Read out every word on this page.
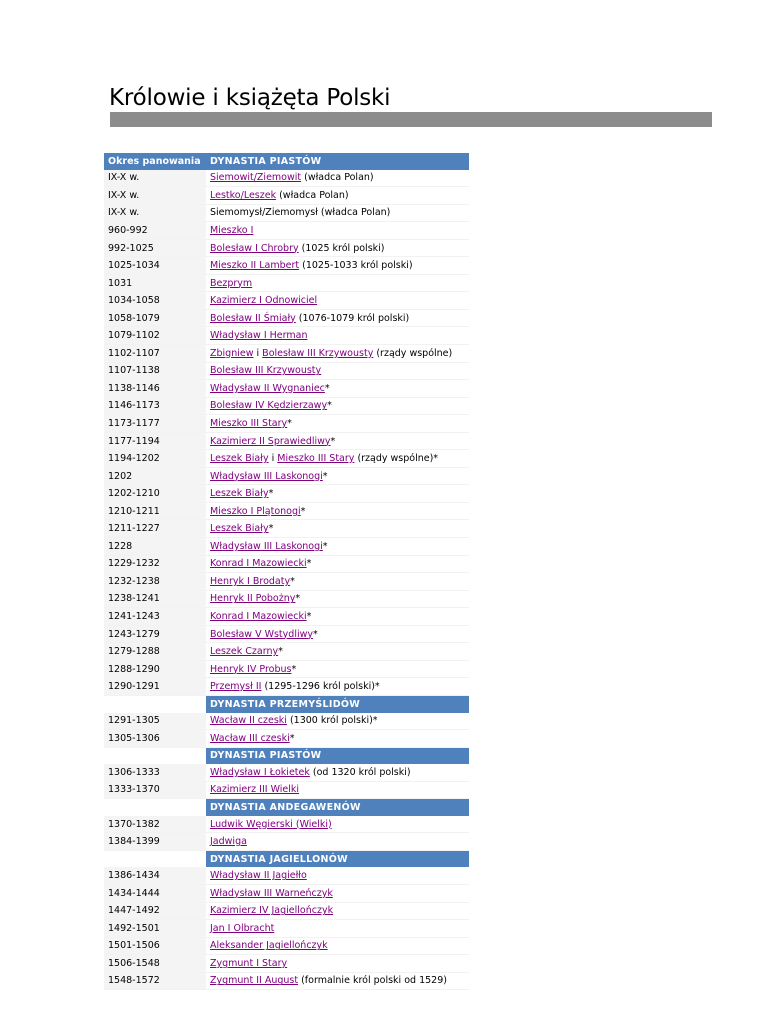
Królowie i książęta Polski
Okres panowania	DYNASTIA PIASTÓW
IX-X w.	Siemowit/Ziemowit (władca Polan)
IX-X w.	Lestko/Leszek (władca Polan)
IX-X w.	Siemomysł/Ziemomysł (władca Polan)
960-992	Mieszko I
992-1025	Bolesław I Chrobry (1025 król polski)
1025-1034	Mieszko II Lambert (1025-1033 król polski)
1031	Bezprym
1034-1058	Kazimierz I Odnowiciel
1058-1079	Bolesław II Śmiały (1076-1079 król polski)
1079-1102	Władysław I Herman
1102-1107	Zbigniew i Bolesław III Krzywousty (rządy wspólne)
1107-1138	Bolesław III Krzywousty
1138-1146	Władysław II Wygnaniec*
1146-1173	Bolesław IV Kędzierzawy*
1173-1177	Mieszko III Stary*
1177-1194	Kazimierz II Sprawiedliwy*
1194-1202	Leszek Biały i Mieszko III Stary (rządy wspólne)*
1202	Władysław III Laskonogi*
1202-1210	Leszek Biały*
1210-1211	Mieszko I Plątonogi*
1211-1227	Leszek Biały*
1228	Władysław III Laskonogi*
1229-1232	Konrad I Mazowiecki*
1232-1238	Henryk I Brodaty*
1238-1241	Henryk II Pobożny*
1241-1243	Konrad I Mazowiecki*
1243-1279	Bolesław V Wstydliwy*
1279-1288	Leszek Czarny*
1288-1290	Henryk IV Probus*
1290-1291	Przemysł II (1295-1296 król polski)*
	DYNASTIA PRZEMYŚLIDÓW
1291-1305	Wacław II czeski (1300 król polski)*
1305-1306	Wacław III czeski*
	DYNASTIA PIASTÓW
1306-1333	Władysław I Łokietek (od 1320 król polski)
1333-1370	Kazimierz III Wielki
	DYNASTIA ANDEGAWENÓW
1370-1382	Ludwik Węgierski (Wielki)
1384-1399	Jadwiga
	DYNASTIA JAGIELLONÓW
1386-1434	Władysław II Jagiełło
1434-1444	Władysław III Warneńczyk
1447-1492	Kazimierz IV Jagiellończyk
1492-1501	Jan I Olbracht
1501-1506	Aleksander Jagiellończyk
1506-1548	Zygmunt I Stary
1548-1572	Zygmunt II August (formalnie król polski od 1529)
